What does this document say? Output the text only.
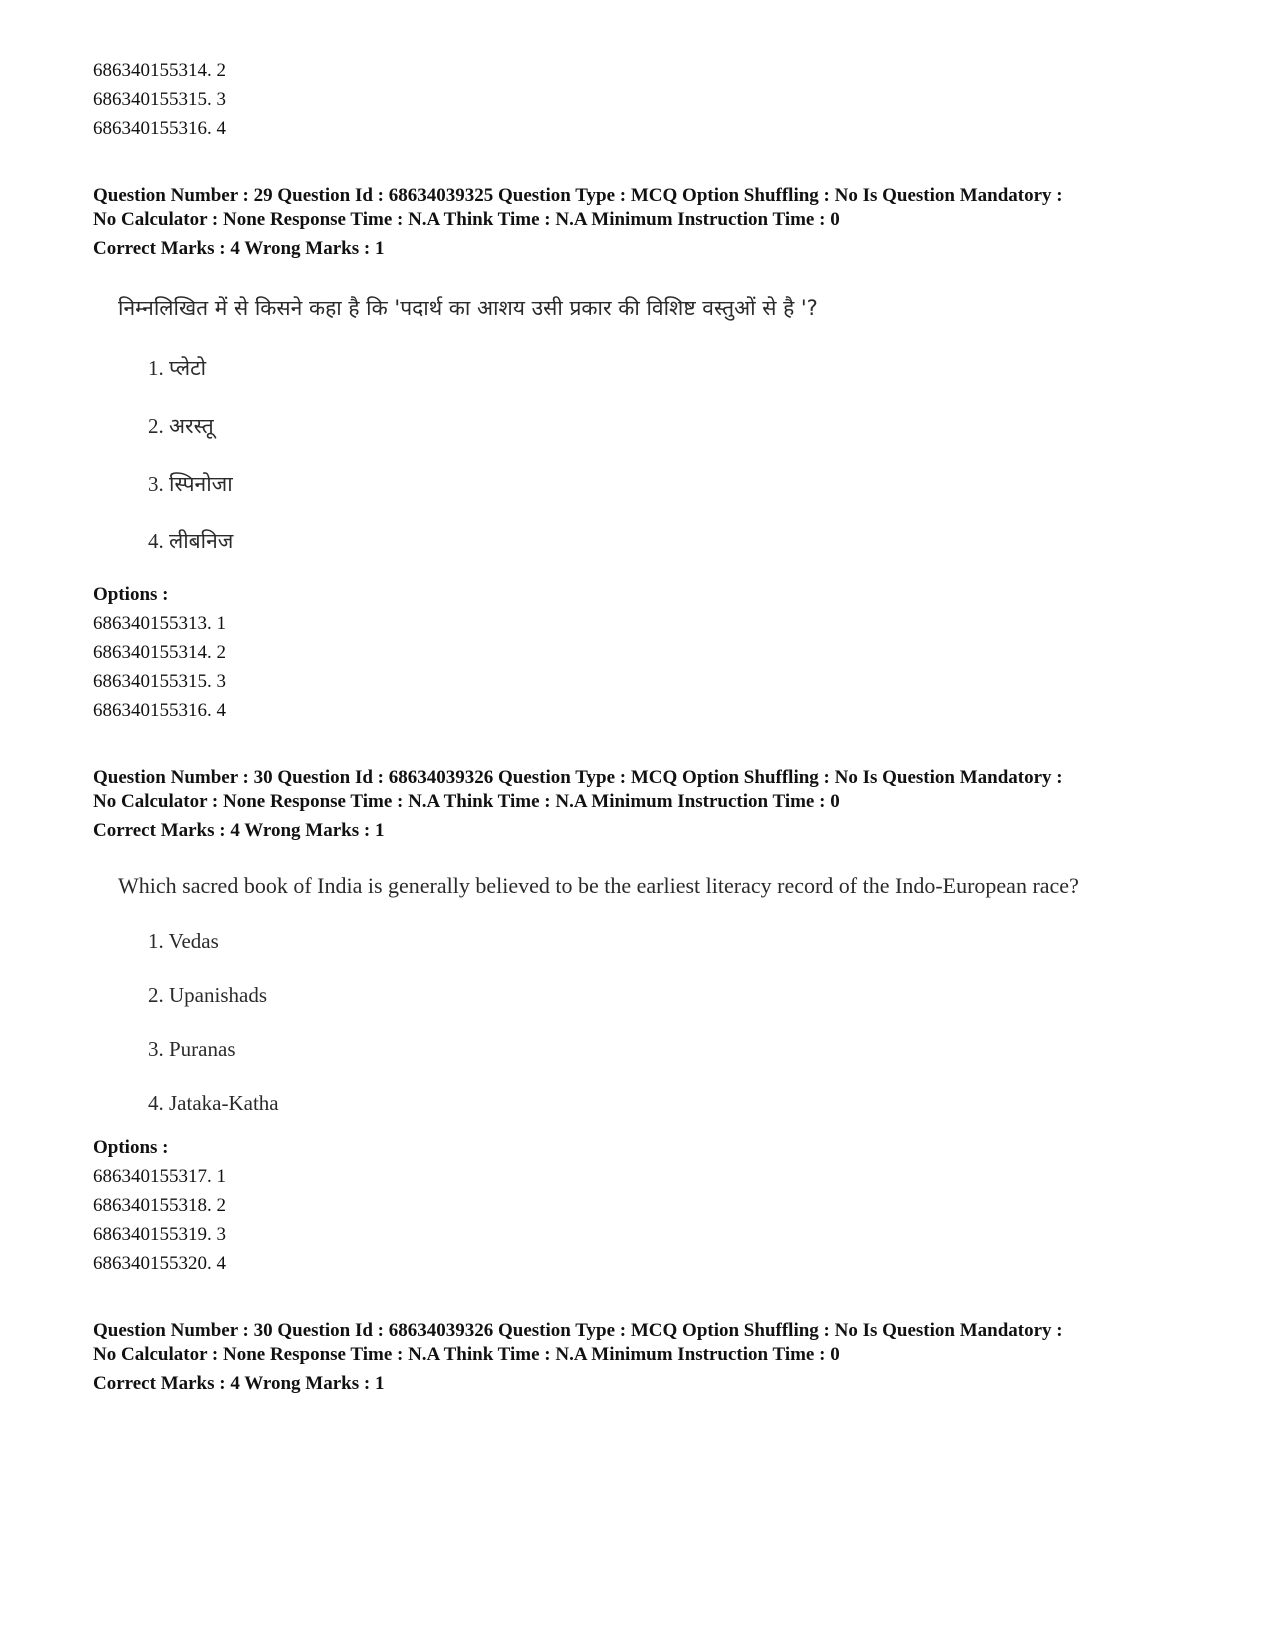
686340155314. 2
686340155315. 3
686340155316. 4
Question Number : 29 Question Id : 68634039325 Question Type : MCQ Option Shuffling : No Is Question Mandatory :
No Calculator : None Response Time : N.A Think Time : N.A Minimum Instruction Time : 0
Correct Marks : 4 Wrong Marks : 1
निम्नलिखित में से किसने कहा है कि 'पदार्थ का आशय उसी प्रकार की विशिष्ट वस्तुओं से है '?
1. प्लेटो
2. अरस्तू
3. स्पिनोजा
4. लीबनिज
Options :
686340155313. 1
686340155314. 2
686340155315. 3
686340155316. 4
Question Number : 30 Question Id : 68634039326 Question Type : MCQ Option Shuffling : No Is Question Mandatory :
No Calculator : None Response Time : N.A Think Time : N.A Minimum Instruction Time : 0
Correct Marks : 4 Wrong Marks : 1
Which sacred book of India is generally believed to be the earliest literacy record of the Indo-European race?
1. Vedas
2. Upanishads
3. Puranas
4. Jataka-Katha
Options :
686340155317. 1
686340155318. 2
686340155319. 3
686340155320. 4
Question Number : 30 Question Id : 68634039326 Question Type : MCQ Option Shuffling : No Is Question Mandatory :
No Calculator : None Response Time : N.A Think Time : N.A Minimum Instruction Time : 0
Correct Marks : 4 Wrong Marks : 1
